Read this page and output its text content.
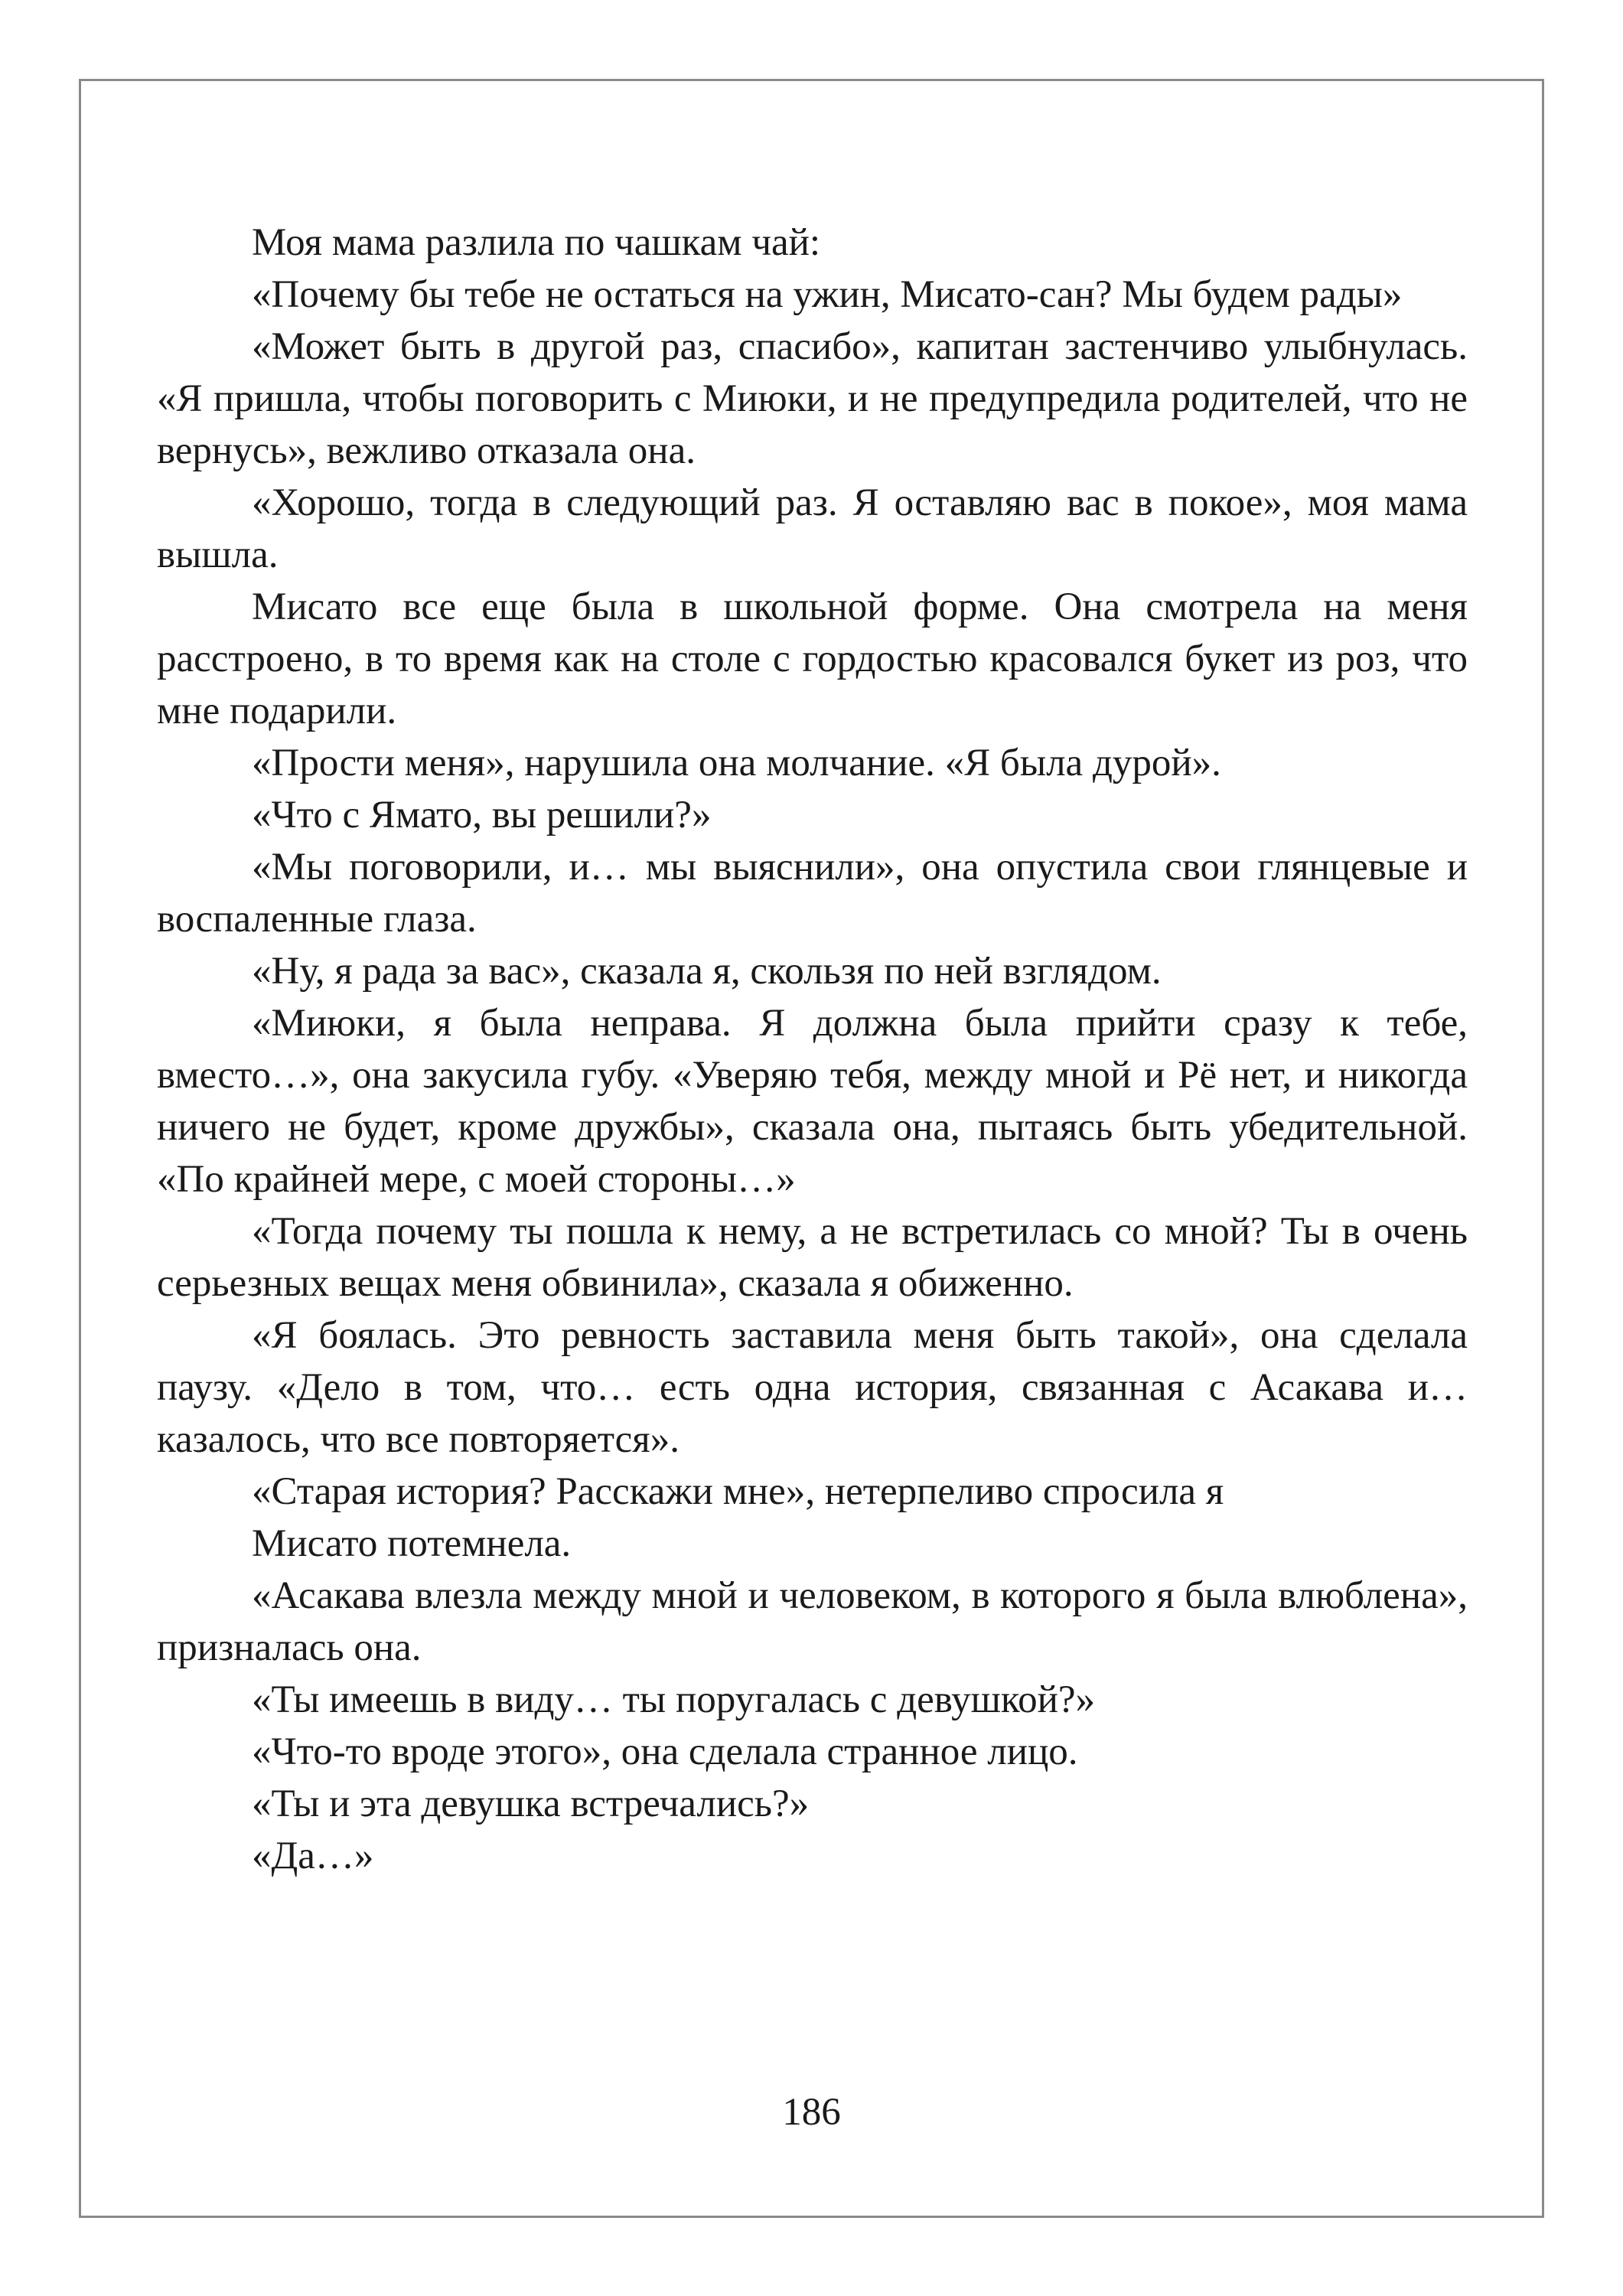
Моя мама разлила по чашкам чай:

«Почему бы тебе не остаться на ужин, Мисато-сан? Мы будем рады»

«Может быть в другой раз, спасибо», капитан застенчиво улыбнулась. «Я пришла, чтобы поговорить с Миюки, и не предупредила родителей, что не вернусь», вежливо отказала она.

«Хорошо, тогда в следующий раз. Я оставляю вас в покое», моя мама вышла.

Мисато все еще была в школьной форме. Она смотрела на меня расстроено, в то время как на столе с гордостью красовался букет из роз, что мне подарили.

«Прости меня», нарушила она молчание. «Я была дурой».

«Что с Ямато, вы решили?»

«Мы поговорили, и… мы выяснили», она опустила свои глянцевые и воспаленные глаза.

«Ну, я рада за вас», сказала я, скользя по ней взглядом.

«Миюки, я была неправа. Я должна была прийти сразу к тебе, вместо…», она закусила губу. «Уверяю тебя, между мной и Рё нет, и никогда ничего не будет, кроме дружбы», сказала она, пытаясь быть убедительной. «По крайней мере, с моей стороны…»

«Тогда почему ты пошла к нему, а не встретилась со мной? Ты в очень серьезных вещах меня обвинила», сказала я обиженно.

«Я боялась. Это ревность заставила меня быть такой», она сделала паузу. «Дело в том, что… есть одна история, связанная с Асакава и… казалось, что все повторяется».

«Старая история? Расскажи мне», нетерпеливо спросила я

Мисато потемнела.

«Асакава влезла между мной и человеком, в которого я была влюблена», призналась она.

«Ты имеешь в виду… ты поругалась с девушкой?»

«Что-то вроде этого», она сделала странное лицо.

«Ты и эта девушка встречались?»

«Да…»

186
